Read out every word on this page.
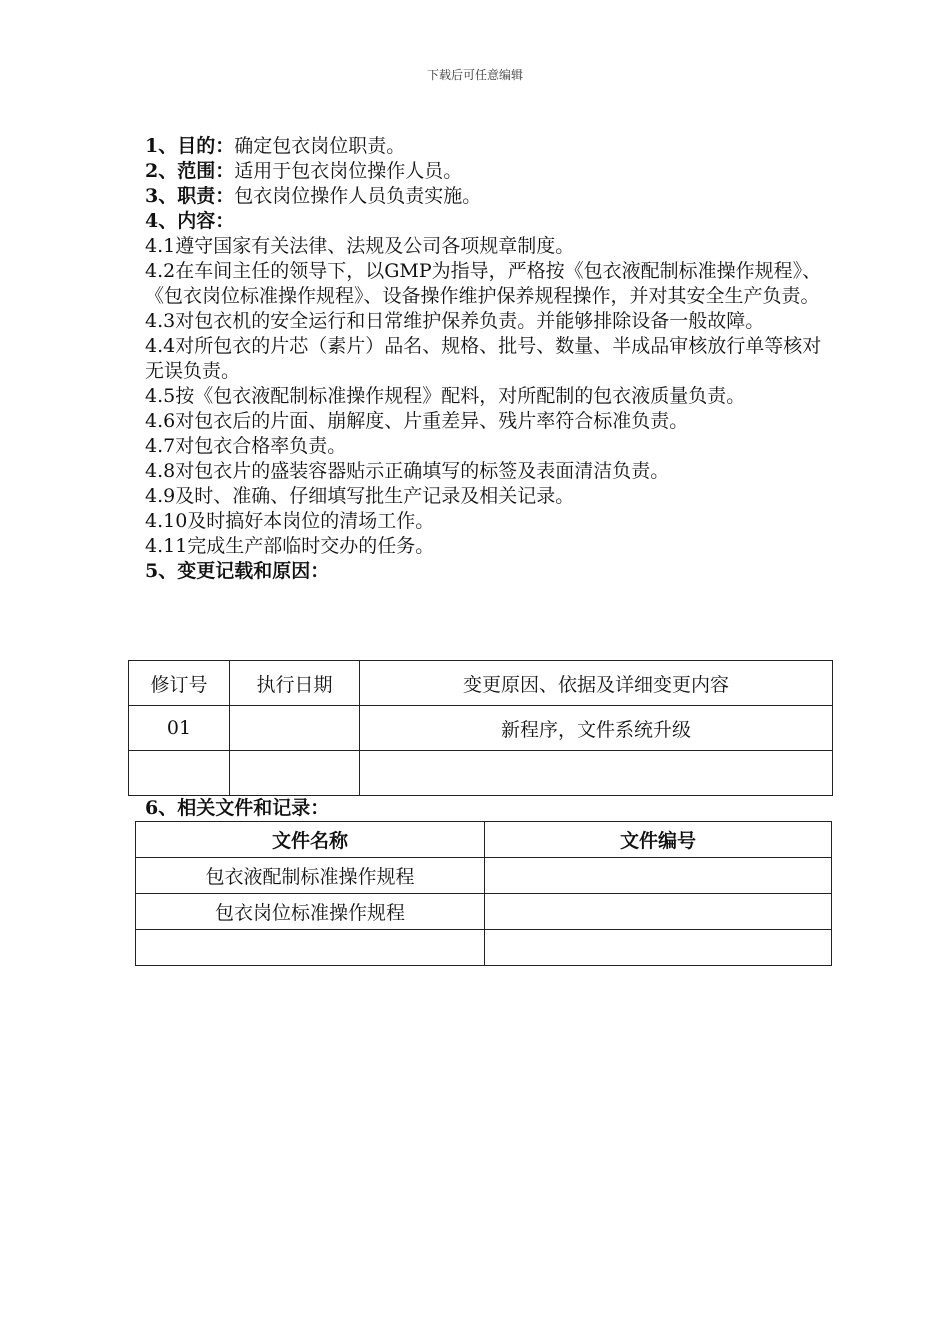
下载后可任意编辑

1、目的：确定包衣岗位职责。

2、范围：适用于包衣岗位操作人员。

3、职责：包衣岗位操作人员负责实施。

4、内容：

4.1遵守国家有关法律、法规及公司各项规章制度。

4.2在车间主任的领导下，以GMP为指导，严格按《包衣液配制标准操作规程》、《包衣岗位标准操作规程》、设备操作维护保养规程操作，并对其安全生产负责。

4.3对包衣机的安全运行和日常维护保养负责。并能够排除设备一般故障。

4.4对所包衣的片芯（素片）品名、规格、批号、数量、半成品审核放行单等核对无误负责。

4.5按《包衣液配制标准操作规程》配料，对所配制的包衣液质量负责。

4.6对包衣后的片面、崩解度、片重差异、残片率符合标准负责。

4.7对包衣合格率负责。

4.8对包衣片的盛装容器贴示正确填写的标签及表面清洁负责。

4.9及时、准确、仔细填写批生产记录及相关记录。

4.10及时搞好本岗位的清场工作。

4.11完成生产部临时交办的任务。

5、变更记载和原因：

修订号	执行日期	变更原因、依据及详细变更内容
01		新程序，文件系统升级

6、相关文件和记录：
文件名称	文件编号
包衣液配制标准操作规程	
包衣岗位标准操作规程	
